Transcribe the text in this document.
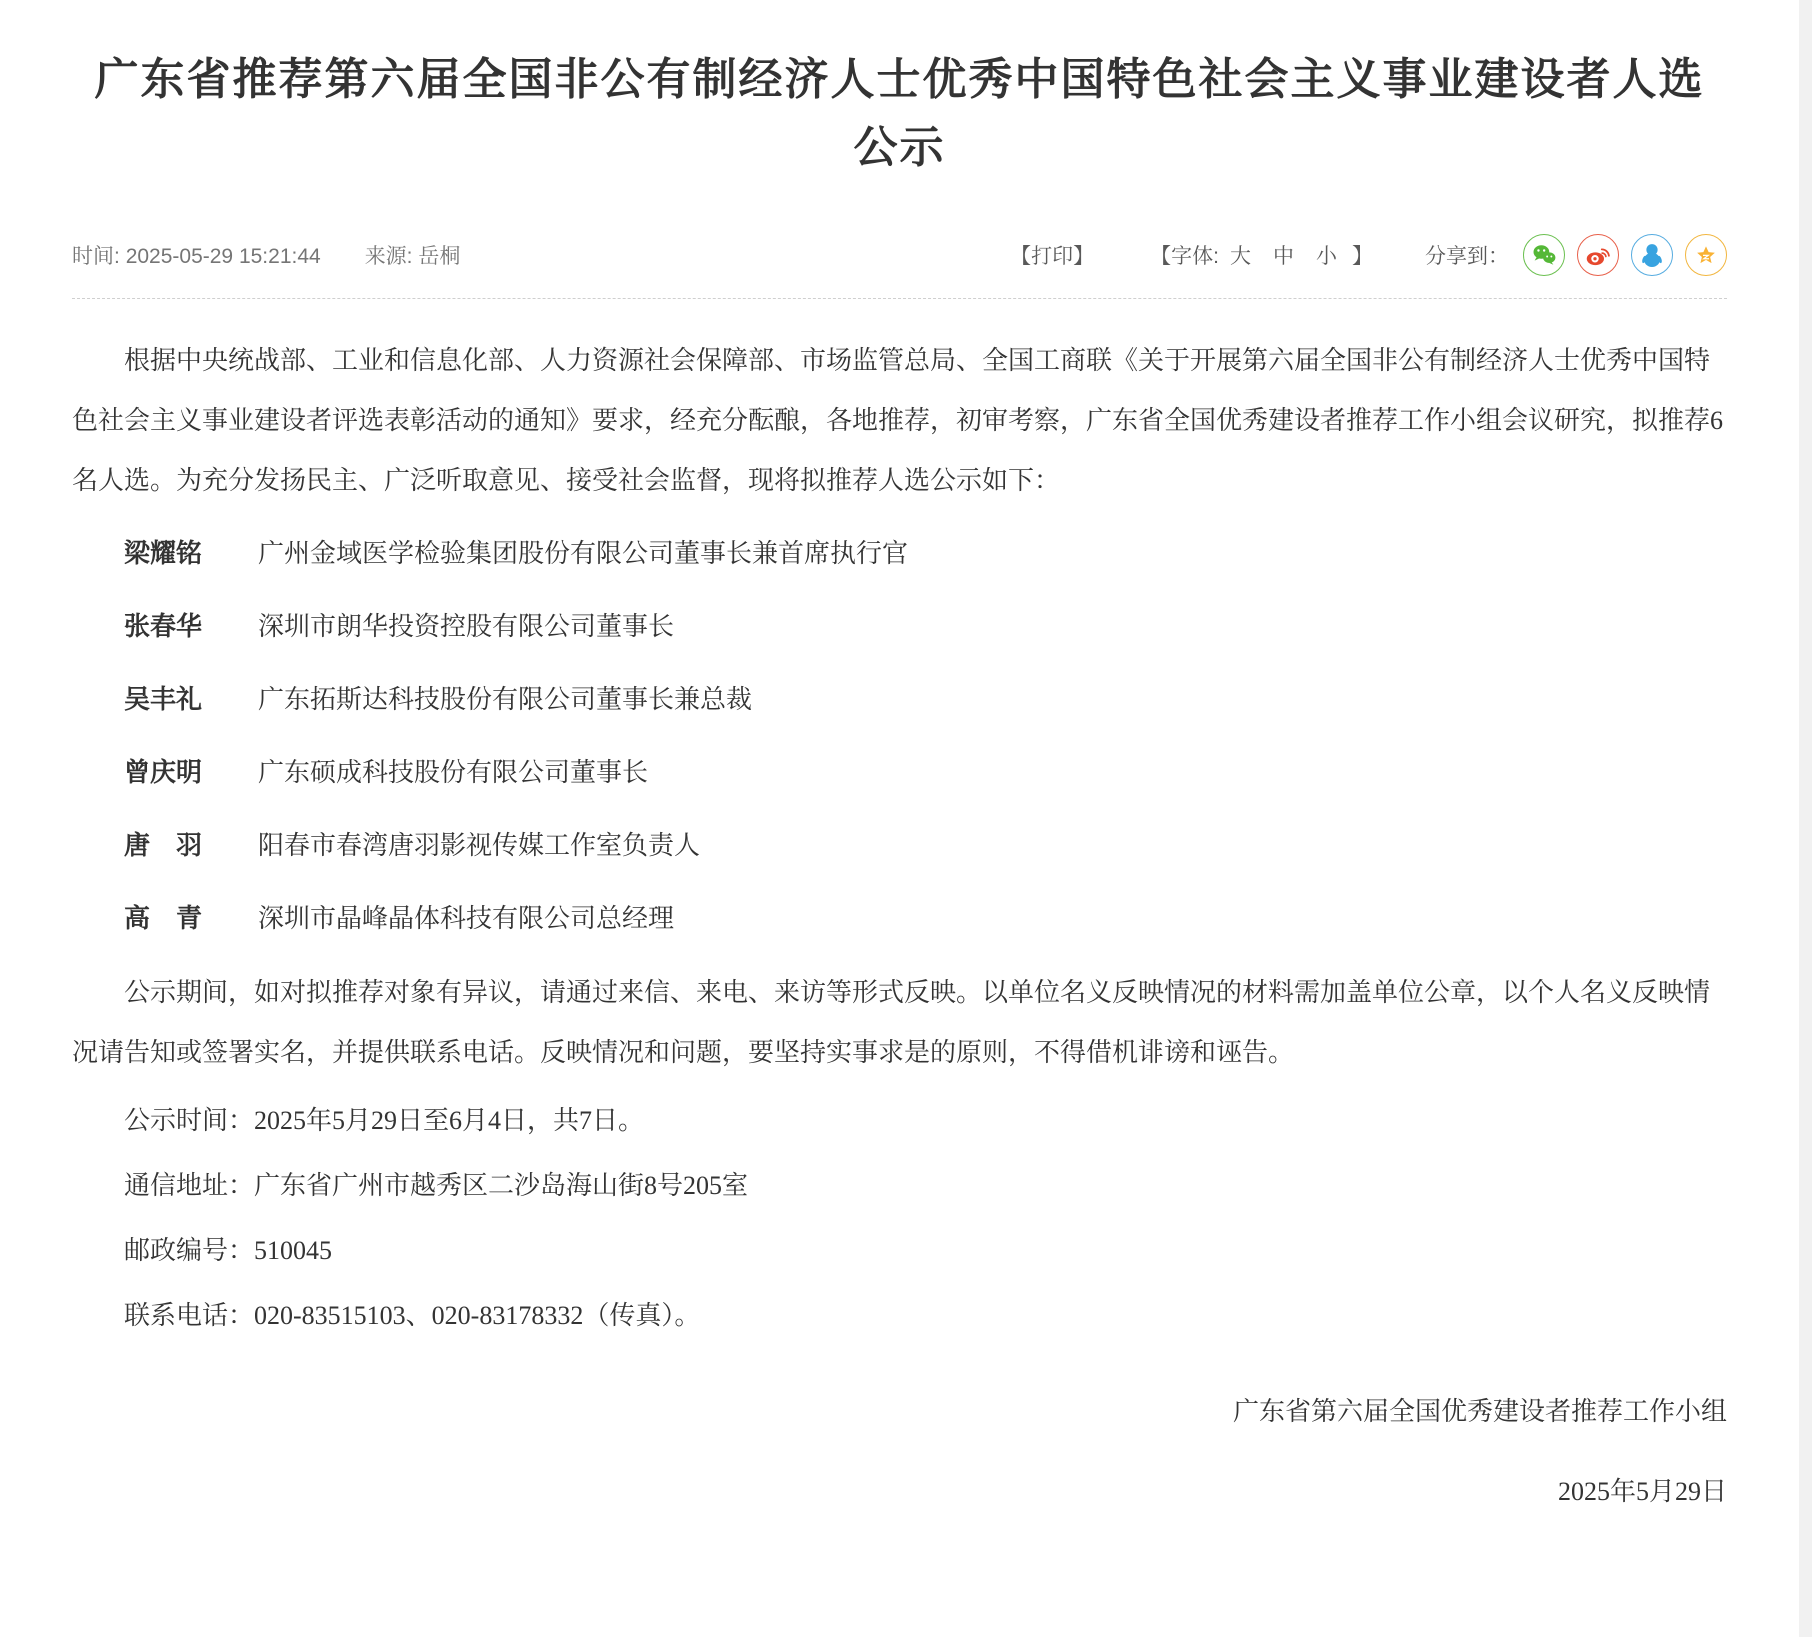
广东省推荐第六届全国非公有制经济人士优秀中国特色社会主义事业建设者人选公示
时间: 2025-05-29 15:21:44 来源: 岳桐	【打印】	【字体: 大 中 小 】 分享到：

根据中央统战部、工业和信息化部、人力资源社会保障部、市场监管总局、全国工商联《关于开展第六届全国非公有制经济人士优秀中国特色社会主义事业建设者评选表彰活动的通知》要求，经充分酝酿，各地推荐，初审考察，广东省全国优秀建设者推荐工作小组会议研究，拟推荐6名人选。为充分发扬民主、广泛听取意见、接受社会监督，现将拟推荐人选公示如下：

梁耀铭	广州金域医学检验集团股份有限公司董事长兼首席执行官
张春华	深圳市朗华投资控股有限公司董事长
吴丰礼	广东拓斯达科技股份有限公司董事长兼总裁
曾庆明	广东硕成科技股份有限公司董事长
唐　羽	阳春市春湾唐羽影视传媒工作室负责人
高　青	深圳市晶峰晶体科技有限公司总经理

公示期间，如对拟推荐对象有异议，请通过来信、来电、来访等形式反映。以单位名义反映情况的材料需加盖单位公章，以个人名义反映情况请告知或签署实名，并提供联系电话。反映情况和问题，要坚持实事求是的原则，不得借机诽谤和诬告。

公示时间：2025年5月29日至6月4日，共7日。

通信地址：广东省广州市越秀区二沙岛海山街8号205室

邮政编号：510045

联系电话：020-83515103、020-83178332（传真）。

广东省第六届全国优秀建设者推荐工作小组

2025年5月29日
